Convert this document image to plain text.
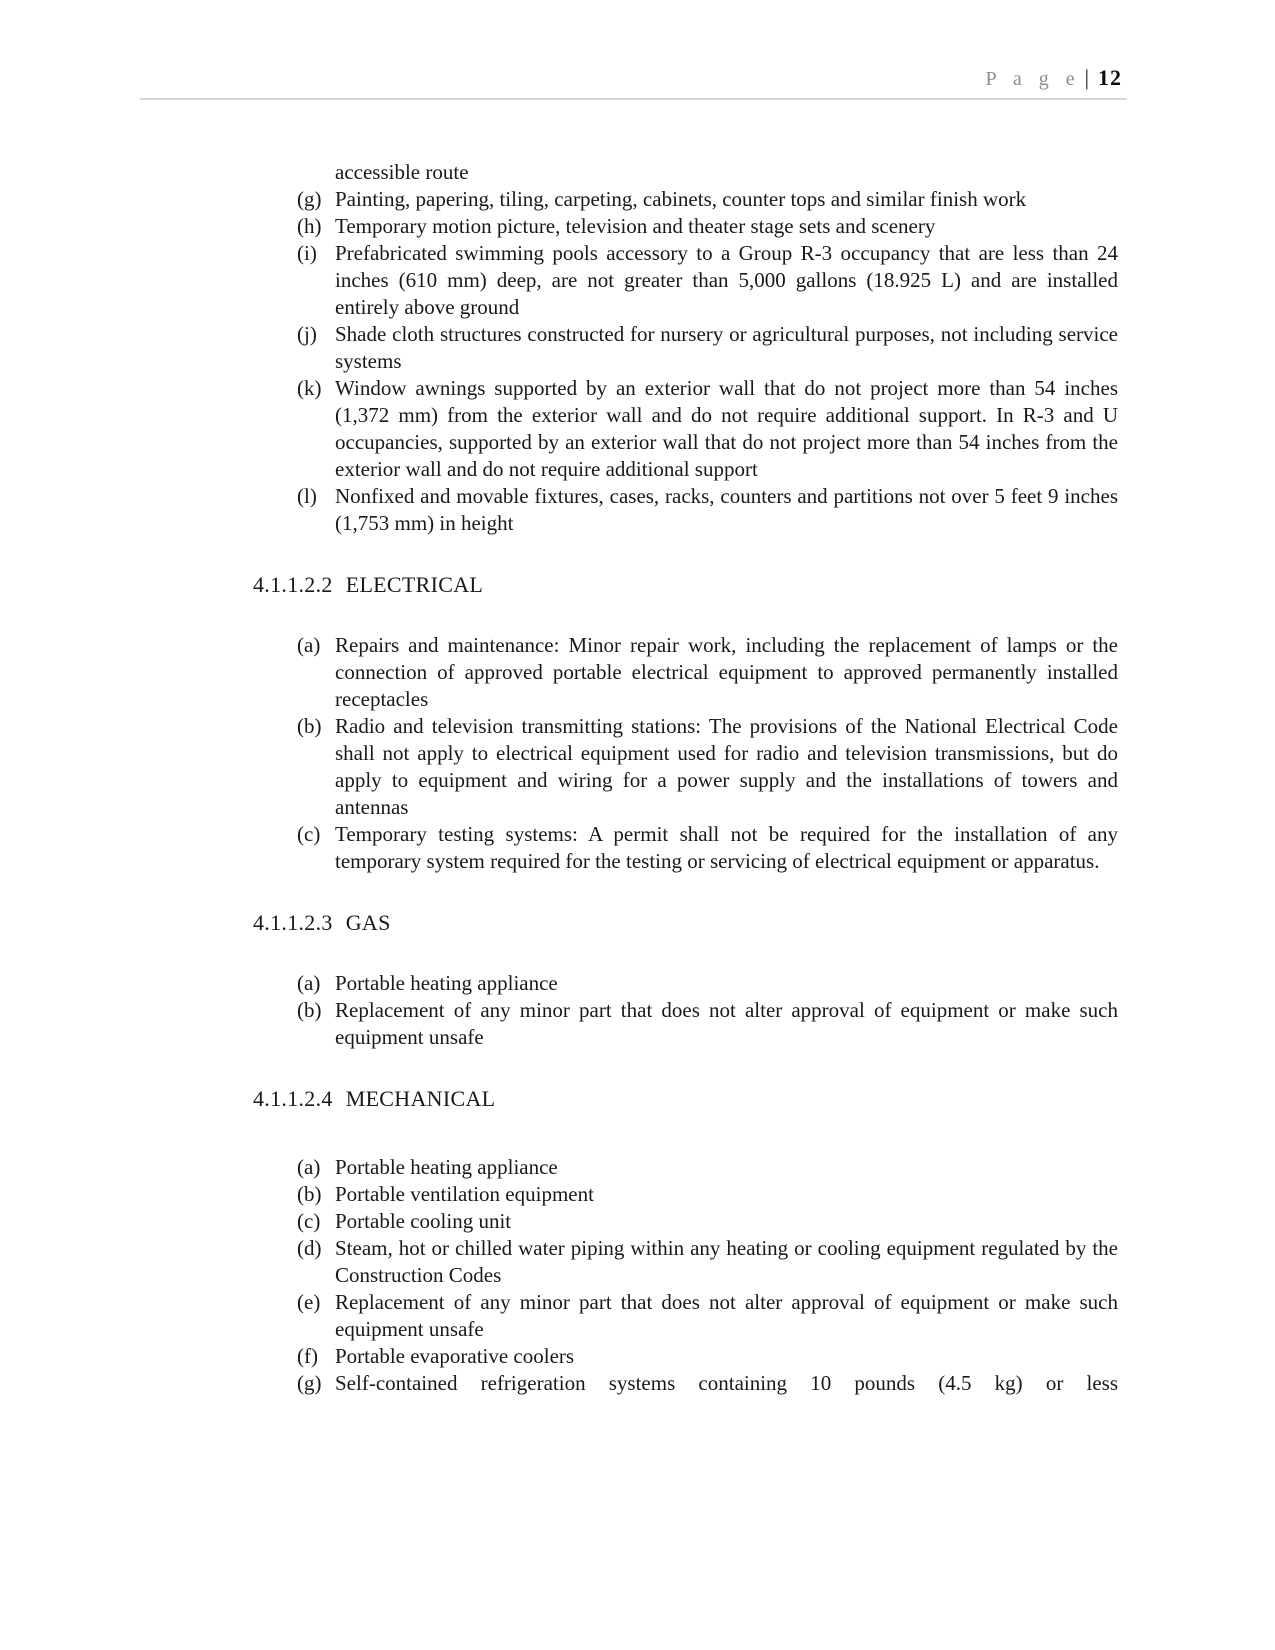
P a g e | 12

accessible route

(g) Painting, papering, tiling, carpeting, cabinets, counter tops and similar finish work
(h) Temporary motion picture, television and theater stage sets and scenery
(i) Prefabricated swimming pools accessory to a Group R-3 occupancy that are less than 24 inches (610 mm) deep, are not greater than 5,000 gallons (18.925 L) and are installed entirely above ground
(j) Shade cloth structures constructed for nursery or agricultural purposes, not including service systems
(k) Window awnings supported by an exterior wall that do not project more than 54 inches (1,372 mm) from the exterior wall and do not require additional support. In R-3 and U occupancies, supported by an exterior wall that do not project more than 54 inches from the exterior wall and do not require additional support
(l) Nonfixed and movable fixtures, cases, racks, counters and partitions not over 5 feet 9 inches (1,753 mm) in height
4.1.1.2.2 ELECTRICAL
(a) Repairs and maintenance: Minor repair work, including the replacement of lamps or the connection of approved portable electrical equipment to approved permanently installed receptacles
(b) Radio and television transmitting stations: The provisions of the National Electrical Code shall not apply to electrical equipment used for radio and television transmissions, but do apply to equipment and wiring for a power supply and the installations of towers and antennas
(c) Temporary testing systems: A permit shall not be required for the installation of any temporary system required for the testing or servicing of electrical equipment or apparatus.
4.1.1.2.3 GAS
(a) Portable heating appliance
(b) Replacement of any minor part that does not alter approval of equipment or make such equipment unsafe
4.1.1.2.4 MECHANICAL
(a) Portable heating appliance
(b) Portable ventilation equipment
(c) Portable cooling unit
(d) Steam, hot or chilled water piping within any heating or cooling equipment regulated by the Construction Codes
(e) Replacement of any minor part that does not alter approval of equipment or make such equipment unsafe
(f) Portable evaporative coolers
(g) Self-contained refrigeration systems containing 10 pounds (4.5 kg) or less
